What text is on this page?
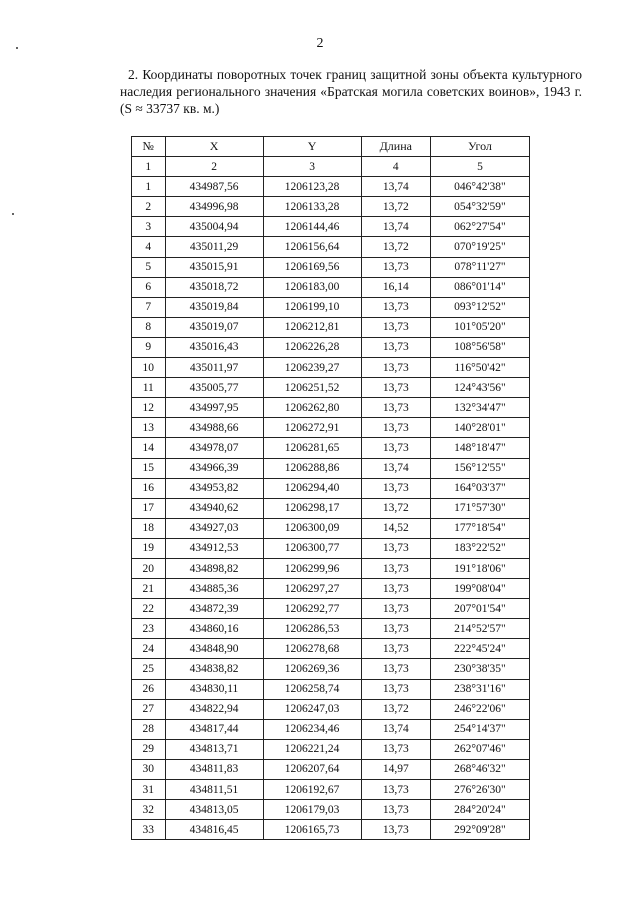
2
2. Координаты поворотных точек границ защитной зоны объекта культурного наследия регионального значения «Братская могила советских воинов», 1943 г. (S ≈ 33737 кв. м.)
№	X	Y	Длина	Угол
1	2	3	4	5
1	434987,56	1206123,28	13,74	046°42'38"
2	434996,98	1206133,28	13,72	054°32'59"
3	435004,94	1206144,46	13,74	062°27'54"
4	435011,29	1206156,64	13,72	070°19'25"
5	435015,91	1206169,56	13,73	078°11'27"
6	435018,72	1206183,00	16,14	086°01'14"
7	435019,84	1206199,10	13,73	093°12'52"
8	435019,07	1206212,81	13,73	101°05'20"
9	435016,43	1206226,28	13,73	108°56'58"
10	435011,97	1206239,27	13,73	116°50'42"
11	435005,77	1206251,52	13,73	124°43'56"
12	434997,95	1206262,80	13,73	132°34'47"
13	434988,66	1206272,91	13,73	140°28'01"
14	434978,07	1206281,65	13,73	148°18'47"
15	434966,39	1206288,86	13,74	156°12'55"
16	434953,82	1206294,40	13,73	164°03'37"
17	434940,62	1206298,17	13,72	171°57'30"
18	434927,03	1206300,09	14,52	177°18'54"
19	434912,53	1206300,77	13,73	183°22'52"
20	434898,82	1206299,96	13,73	191°18'06"
21	434885,36	1206297,27	13,73	199°08'04"
22	434872,39	1206292,77	13,73	207°01'54"
23	434860,16	1206286,53	13,73	214°52'57"
24	434848,90	1206278,68	13,73	222°45'24"
25	434838,82	1206269,36	13,73	230°38'35"
26	434830,11	1206258,74	13,73	238°31'16"
27	434822,94	1206247,03	13,72	246°22'06"
28	434817,44	1206234,46	13,74	254°14'37"
29	434813,71	1206221,24	13,73	262°07'46"
30	434811,83	1206207,64	14,97	268°46'32"
31	434811,51	1206192,67	13,73	276°26'30"
32	434813,05	1206179,03	13,73	284°20'24"
33	434816,45	1206165,73	13,73	292°09'28"
